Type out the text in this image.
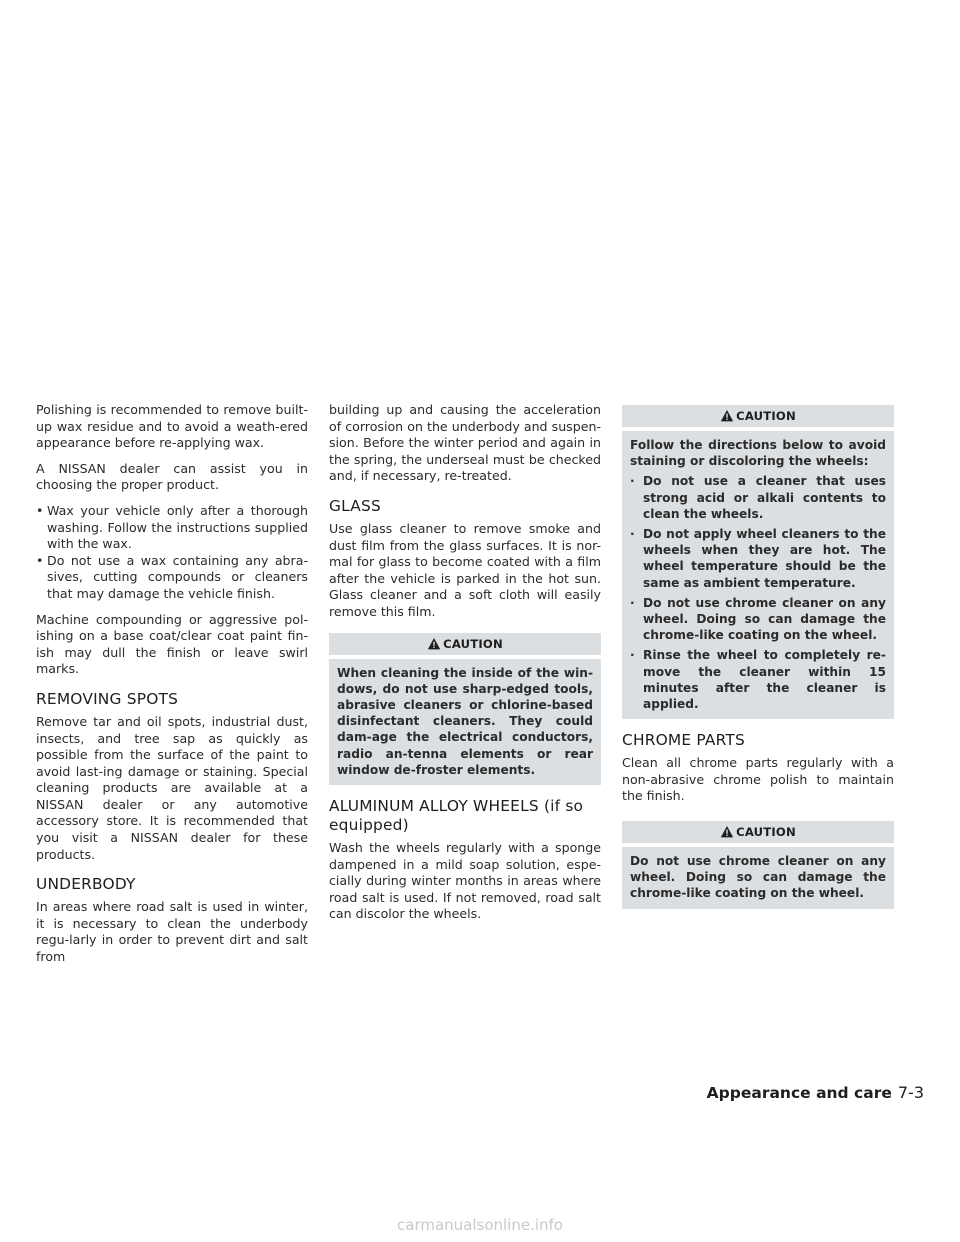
Polishing is recommended to remove built-up wax residue and to avoid a weath-ered appearance before re-applying wax.

A NISSAN dealer can assist you in choosing the proper product.

• Wax your vehicle only after a thorough washing. Follow the instructions supplied with the wax.
• Do not use a wax containing any abra-sives, cutting compounds or cleaners that may damage the vehicle finish.

Machine compounding or aggressive pol-ishing on a base coat/clear coat paint fin-ish may dull the finish or leave swirl marks.

REMOVING SPOTS

Remove tar and oil spots, industrial dust, insects, and tree sap as quickly as possible from the surface of the paint to avoid last-ing damage or staining. Special cleaning products are available at a NISSAN dealer or any automotive accessory store. It is recommended that you visit a NISSAN dealer for these products.

UNDERBODY

In areas where road salt is used in winter, it is necessary to clean the underbody regu-larly in order to prevent dirt and salt from

building up and causing the acceleration of corrosion on the underbody and suspen-sion. Before the winter period and again in the spring, the underseal must be checked and, if necessary, re-treated.

GLASS

Use glass cleaner to remove smoke and dust film from the glass surfaces. It is nor-mal for glass to become coated with a film after the vehicle is parked in the hot sun. Glass cleaner and a soft cloth will easily remove this film.

CAUTION

When cleaning the inside of the win-dows, do not use sharp-edged tools, abrasive cleaners or chlorine-based disinfectant cleaners. They could dam-age the electrical conductors, radio an-tenna elements or rear window de-froster elements.

ALUMINUM ALLOY WHEELS (if so equipped)

Wash the wheels regularly with a sponge dampened in a mild soap solution, espe-cially during winter months in areas where road salt is used. If not removed, road salt can discolor the wheels.

CAUTION

Follow the directions below to avoid staining or discoloring the wheels:

· Do not use a cleaner that uses strong acid or alkali contents to clean the wheels.
· Do not apply wheel cleaners to the wheels when they are hot. The wheel temperature should be the same as ambient temperature.
· Do not use chrome cleaner on any wheel. Doing so can damage the chrome-like coating on the wheel.
· Rinse the wheel to completely re-move the cleaner within 15 minutes after the cleaner is applied.
CHROME PARTS

Clean all chrome parts regularly with a non-abrasive chrome polish to maintain the finish.

CAUTION

Do not use chrome cleaner on any wheel. Doing so can damage the chrome-like coating on the wheel.

Appearance and care 7-3
carmanualsonline.info
